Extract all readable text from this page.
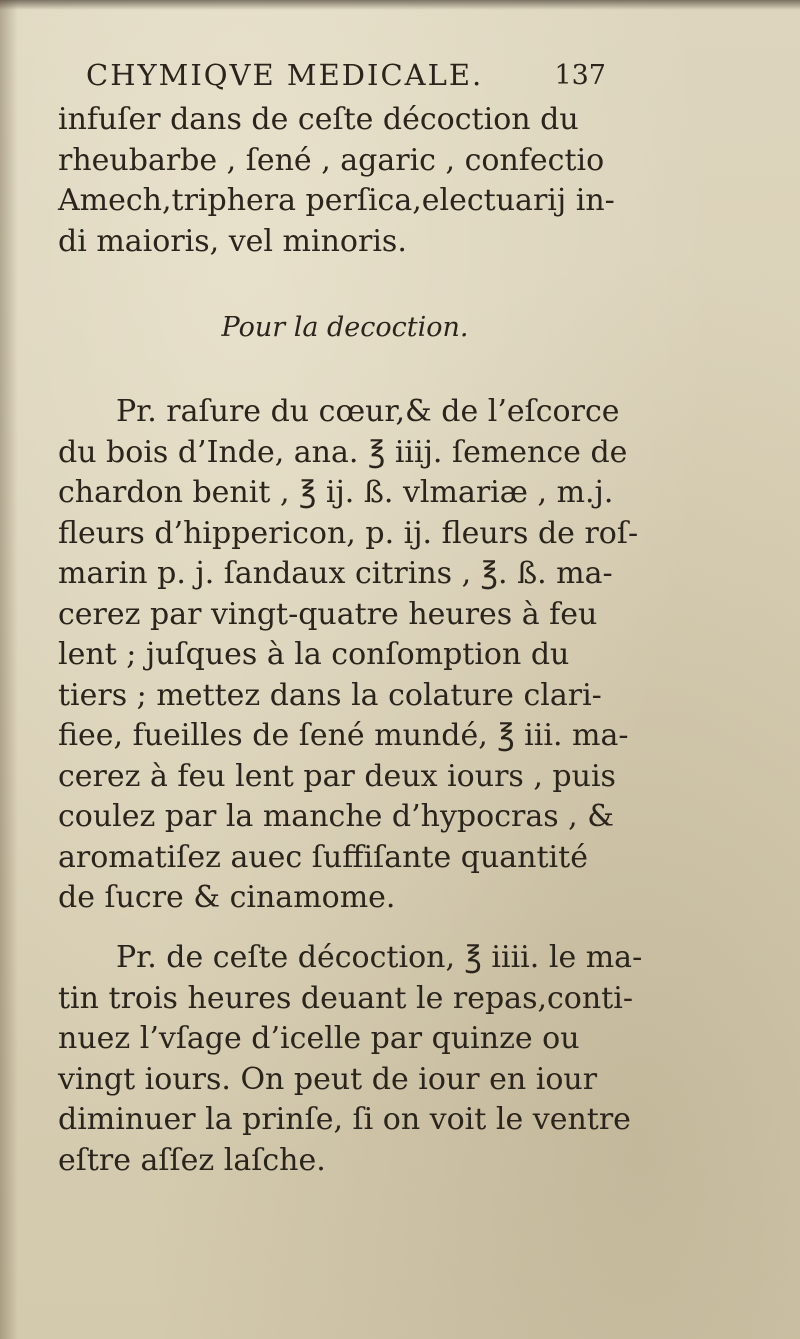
CHYMIQVE MEDICALE.	137
infuſer dans de ceſte décoction du
rheubarbe , ſené , agaric , confectio
Amech,triphera perſica,electuarij in-
di maioris, vel minoris.
Pour la decoction.
Pr. raſure du cœur,& de l’eſcorce
du bois d’Inde, ana. ℥ iiij. ſemence de
chardon benit , ℥ ij. ß. vlmariæ , m.j.
fleurs d’hippericon, p. ij. fleurs de roſ-
marin p. j. ſandaux citrins , ℥. ß. ma-
cerez par vingt-quatre heures à feu
lent ; juſques à la conſomption du
tiers ; mettez dans la colature clari-
fiee, fueilles de ſené mundé, ℥ iii. ma-
cerez à feu lent par deux iours , puis
coulez par la manche d’hypocras , &
aromatiſez auec ſuffiſante quantité
de ſucre & cinamome.
Pr. de ceſte décoction, ℥ iiii. le ma-
tin trois heures deuant le repas,conti-
nuez l’vſage d’icelle par quinze ou
vingt iours. On peut de iour en iour
diminuer la prinſe, ſi on voit le ventre
eſtre aſſez laſche.
